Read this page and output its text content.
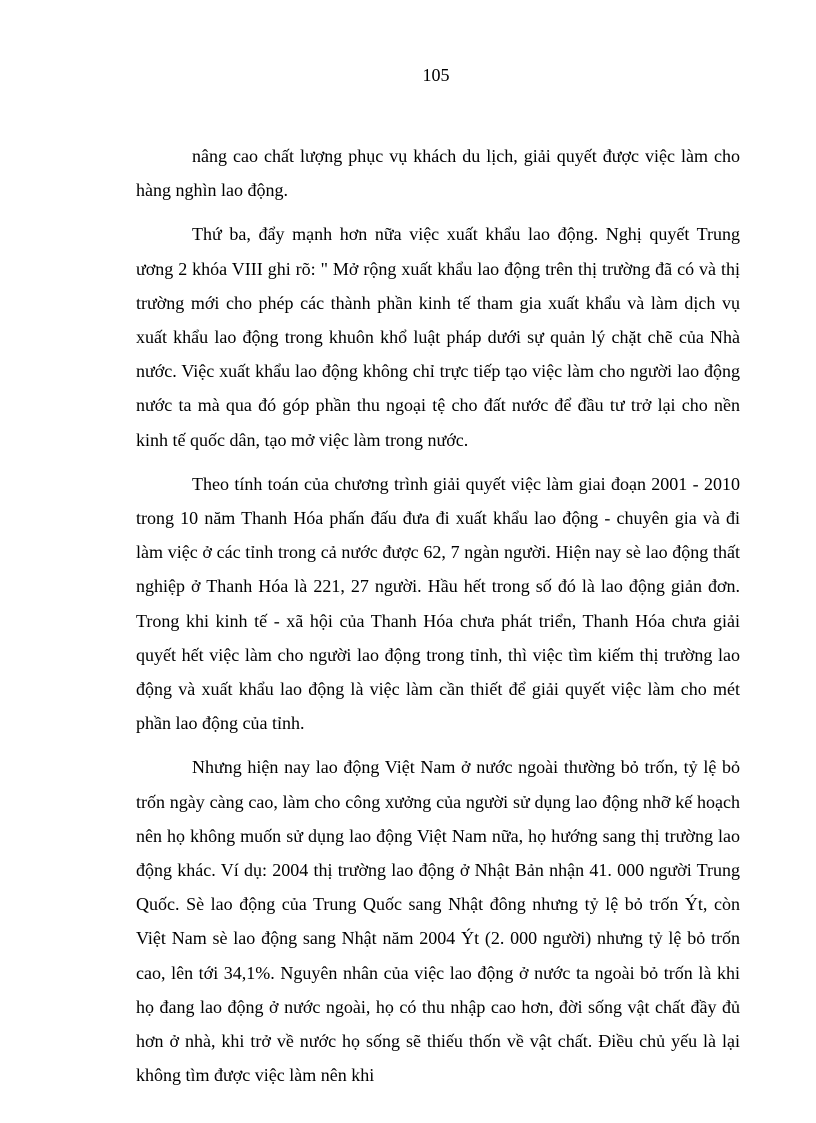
105

nâng cao chất lượng phục vụ khách du lịch, giải quyết được việc làm cho hàng nghìn lao động.

Thứ ba, đẩy mạnh hơn nữa việc xuất khẩu lao động. Nghị quyết Trung ương 2 khóa VIII ghi rõ: " Mở rộng xuất khẩu lao động trên thị trường đã có và thị trường mới cho phép các thành phần kinh tế tham gia xuất khẩu và làm dịch vụ xuất khẩu lao động trong khuôn khổ luật pháp dưới sự quản lý chặt chẽ của Nhà nước. Việc xuất khẩu lao động không chỉ trực tiếp tạo việc làm cho người lao động nước ta mà qua đó góp phần thu ngoại tệ cho đất nước để đầu tư trở lại cho nền kinh tế quốc dân, tạo mở việc làm trong nước.

Theo tính toán của chương trình giải quyết việc làm giai đoạn 2001 - 2010 trong 10 năm Thanh Hóa phấn đấu đưa đi xuất khẩu lao động - chuyên gia và đi làm việc ở các tỉnh trong cả nước được 62, 7 ngàn người. Hiện nay sè lao động thất nghiệp ở Thanh Hóa là 221, 27 người. Hầu hết trong số đó là lao động giản đơn. Trong khi kinh tế - xã hội của Thanh Hóa chưa phát triển, Thanh Hóa chưa giải quyết hết việc làm cho người lao động trong tỉnh, thì việc tìm kiếm thị trường lao động và xuất khẩu lao động là việc làm cần thiết để giải quyết việc làm cho mét phần lao động của tỉnh.

Nhưng hiện nay lao động Việt Nam ở nước ngoài thường bỏ trốn, tỷ lệ bỏ trốn ngày càng cao, làm cho công xưởng của người sử dụng lao động nhỡ kế hoạch nên họ không muốn sử dụng lao động Việt Nam nữa, họ hướng sang thị trường lao động khác. Ví dụ: 2004 thị trường lao động ở Nhật Bản nhận 41. 000 người Trung Quốc. Sè lao động của Trung Quốc sang Nhật đông nhưng tỷ lệ bỏ trốn Ýt, còn Việt Nam sè lao động sang Nhật năm 2004 Ýt (2. 000 người) nhưng tỷ lệ bỏ trốn cao, lên tới 34,1%. Nguyên nhân của việc lao động ở nước ta ngoài bỏ trốn là khi họ đang lao động ở nước ngoài, họ có thu nhập cao hơn, đời sống vật chất đầy đủ hơn ở nhà, khi trở về nước họ sống sẽ thiếu thốn về vật chất. Điều chủ yếu là lại không tìm được việc làm nên khi
